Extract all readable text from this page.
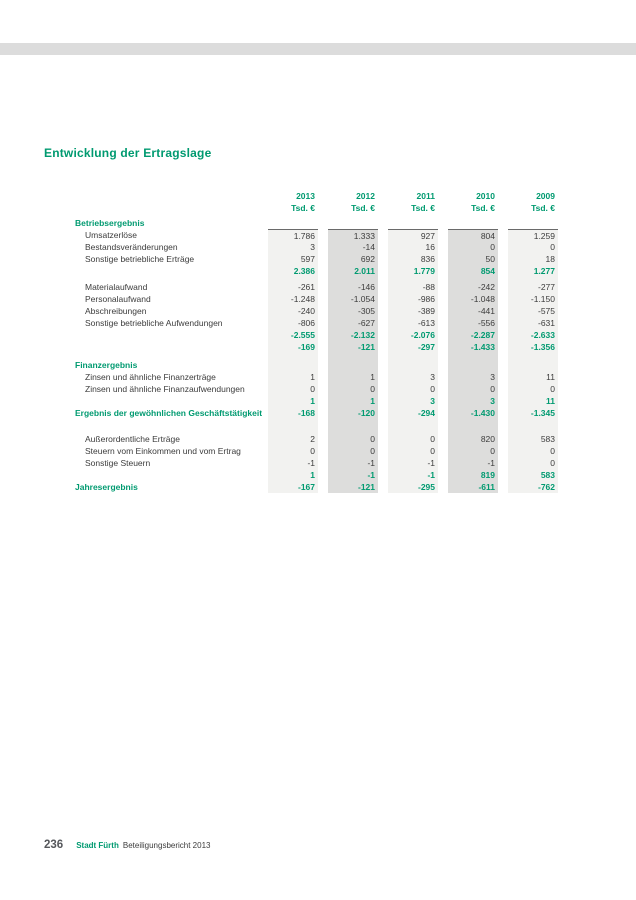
Entwicklung der Ertragslage
2013	2012	2011	2010	2009
Tsd. €	Tsd. €	Tsd. €	Tsd. €	Tsd. €
Betriebsergebnis
Umsatzerlöse	1.786	1.333	927	804	1.259
Bestandsveränderungen	3	-14	16	0	0
Sonstige betriebliche Erträge	597	692	836	50	18
2.386	2.011	1.779	854	1.277
Materialaufwand	-261	-146	-88	-242	-277
Personalaufwand	-1.248	-1.054	-986	-1.048	-1.150
Abschreibungen	-240	-305	-389	-441	-575
Sonstige betriebliche Aufwendungen	-806	-627	-613	-556	-631
-2.555	-2.132	-2.076	-2.287	-2.633
-169	-121	-297	-1.433	-1.356
Finanzergebnis
Zinsen und ähnliche Finanzerträge	1	1	3	3	11
Zinsen und ähnliche Finanzaufwendungen	0	0	0	0	0
1	1	3	3	11
Ergebnis der gewöhnlichen Geschäftstätigkeit	-168	-120	-294	-1.430	-1.345
Außerordentliche Erträge	2	0	0	820	583
Steuern vom Einkommen und vom Ertrag	0	0	0	0	0
Sonstige Steuern	-1	-1	-1	-1	0
1	-1	-1	819	583
Jahresergebnis	-167	-121	-295	-611	-762
236 Stadt Fürth Beteiligungsbericht 2013
